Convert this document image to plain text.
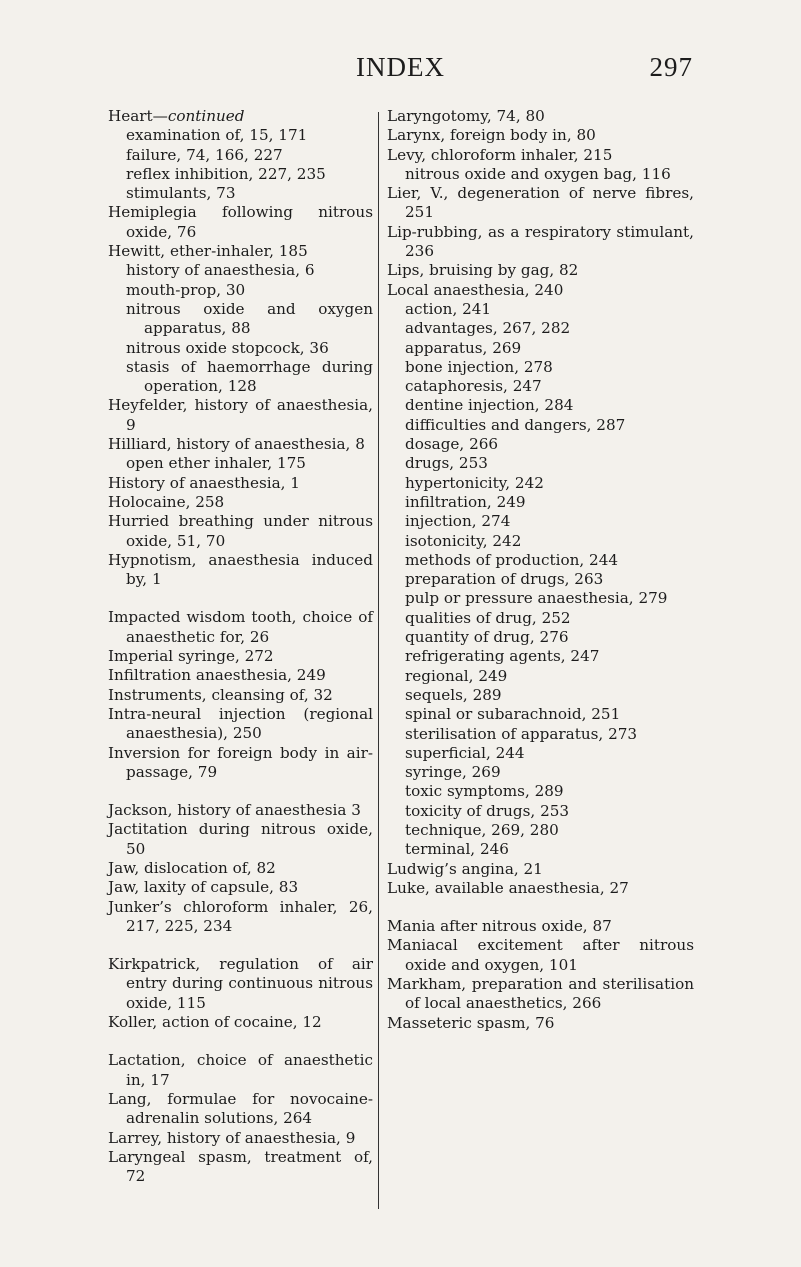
INDEX	297

Heart—continued

examination of, 15, 171

failure, 74, 166, 227

reflex inhibition, 227, 235

stimulants, 73

Hemiplegia following nitrous oxide, 76

Hewitt, ether-inhaler, 185

history of anaesthesia, 6

mouth-prop, 30

nitrous oxide and oxygen apparatus, 88

nitrous oxide stopcock, 36

stasis of haemorrhage during operation, 128

Heyfelder, history of anaesthesia, 9

Hilliard, history of anaesthesia, 8

open ether inhaler, 175

History of anaesthesia, 1

Holocaine, 258

Hurried breathing under nitrous oxide, 51, 70

Hypnotism, anaesthesia induced by, 1

Impacted wisdom tooth, choice of anaesthetic for, 26

Imperial syringe, 272

Infiltration anaesthesia, 249

Instruments, cleansing of, 32

Intra-neural injection (regional anaesthesia), 250

Inversion for foreign body in air-passage, 79

Jackson, history of anaesthesia 3

Jactitation during nitrous oxide, 50

Jaw, dislocation of, 82

Jaw, laxity of capsule, 83

Junker’s chloroform inhaler, 26, 217, 225, 234

Kirkpatrick, regulation of air entry during continuous nitrous oxide, 115

Koller, action of cocaine, 12

Lactation, choice of anaesthetic in, 17

Lang, formulae for novocaine-adrenalin solutions, 264

Larrey, history of anaesthesia, 9

Laryngeal spasm, treatment of, 72

Laryngotomy, 74, 80

Larynx, foreign body in, 80

Levy, chloroform inhaler, 215

nitrous oxide and oxygen bag, 116

Lier, V., degeneration of nerve fibres, 251

Lip-rubbing, as a respiratory stimulant, 236

Lips, bruising by gag, 82

Local anaesthesia, 240

action, 241

advantages, 267, 282

apparatus, 269

bone injection, 278

cataphoresis, 247

dentine injection, 284

difficulties and dangers, 287

dosage, 266

drugs, 253

hypertonicity, 242

infiltration, 249

injection, 274

isotonicity, 242

methods of production, 244

preparation of drugs, 263

pulp or pressure anaesthesia, 279

qualities of drug, 252

quantity of drug, 276

refrigerating agents, 247

regional, 249

sequels, 289

spinal or subarachnoid, 251

sterilisation of apparatus, 273

superficial, 244

syringe, 269

toxic symptoms, 289

toxicity of drugs, 253

technique, 269, 280

terminal, 246

Ludwig’s angina, 21

Luke, available anaesthesia, 27

Mania after nitrous oxide, 87

Maniacal excitement after nitrous oxide and oxygen, 101

Markham, preparation and sterilisation of local anaesthetics, 266

Masseteric spasm, 76
